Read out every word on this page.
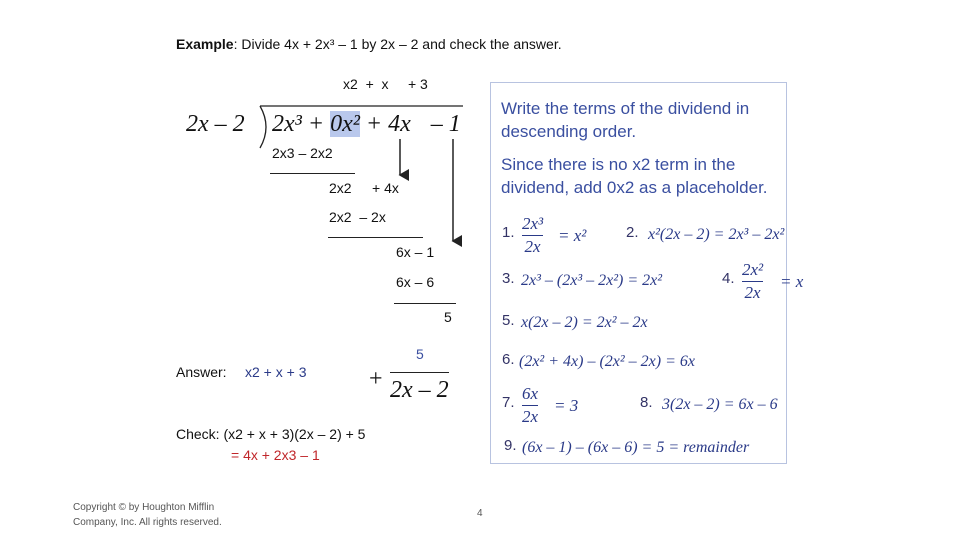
Example: Divide 4x + 2x³ – 1 by 2x – 2 and check the answer.
x2  +  x     + 3
2x – 2 2x³ + 0x² + 4x – 1
2x3 – 2x2
2x2 + 4x
2x2  – 2x
6x – 1
6x – 6
5
Write the terms of the dividend in descending order.
Since there is no x2 term in the dividend, add 0x2 as a placeholder.
1. 2x³
2x
= x²	2. x²(2x – 2) = 2x³ – 2x²
3. 2x³ – (2x³ – 2x²) = 2x²	4. 2x²
2x
= x
5. x(2x – 2) = 2x² – 2x
6. (2x² + 4x) – (2x² – 2x) = 6x
7. 6x
2x
= 3	8. 3(2x – 2) = 6x – 6
9. (6x – 1) – (6x – 6) = 5 = remainder
5
Answer: x2 + x + 3	+ 2x – 2
Check: (x2 + x + 3)(2x – 2) + 5
= 4x + 2x3 – 1
Copyright © by Houghton Mifflin Company, Inc. All rights reserved.
4
